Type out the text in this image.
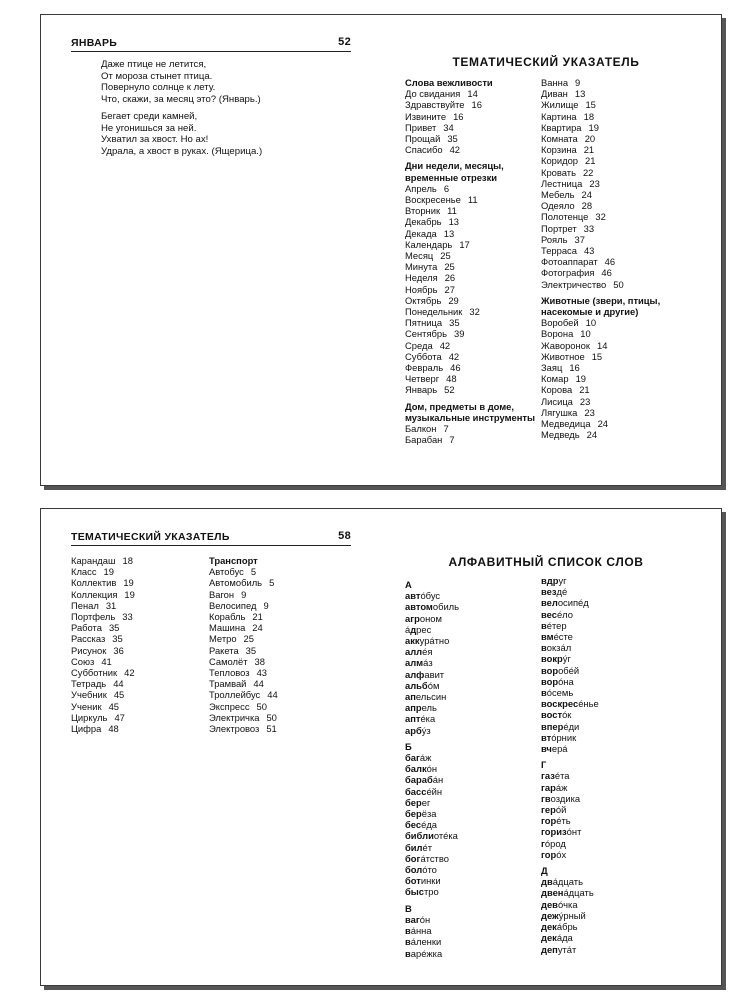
ЯНВАРЬ	52

Даже птице не летится,
От мороза стынет птица.
Повернуло солнце к лету.
Что, скажи, за месяц это? (Январь.)

Бегает среди камней,
Не угонишься за ней.
Ухватил за хвост. Но ах!
Удрала, а хвост в руках. (Ящерица.)

ТЕМАТИЧЕСКИЙ УКАЗАТЕЛЬ
Слова вежливости
До свидания 14
Здравствуйте 16
Извините 16
Привет 34
Прощай 35
Спасибо 42
Дни недели, месяцы, временные отрезки
Апрель 6
Воскресенье 11
Вторник 11
Декабрь 13
Декада 13
Календарь 17
Месяц 25
Минута 25
Неделя 26
Ноябрь 27
Октябрь 29
Понедельник 32
Пятница 35
Сентябрь 39
Среда 42
Суббота 42
Февраль 46
Четверг 48
Январь 52
Дом, предметы в доме, музыкальные инструменты
Балкон 7
Барабан 7
Ванна 9
Диван 13
Жилище 15
Картина 18
Квартира 19
Комната 20
Корзина 21
Коридор 21
Кровать 22
Лестница 23
Мебель 24
Одеяло 28
Полотенце 32
Портрет 33
Рояль 37
Терраса 43
Фотоаппарат 46
Фотография 46
Электричество 50
Животные (звери, птицы, насекомые и другие)
Воробей 10
Ворона 10
Жаворонок 14
Животное 15
Заяц 16
Комар 19
Корова 21
Лисица 23
Лягушка 23
Медведица 24
Медведь 24
ТЕМАТИЧЕСКИЙ УКАЗАТЕЛЬ	58
Карандаш 18
Класс 19
Коллектив 19
Коллекция 19
Пенал 31
Портфель 33
Работа 35
Рассказ 35
Рисунок 36
Союз 41
Субботник 42
Тетрадь 44
Учебник 45
Ученик 45
Циркуль 47
Цифра 48
Транспорт
Автобус 5
Автомобиль 5
Вагон 9
Велосипед 9
Корабль 21
Машина 24
Метро 25
Ракета 35
Самолёт 38
Тепловоз 43
Трамвай 44
Троллейбус 44
Экспресс 50
Электричка 50
Электровоз 51
АЛФАВИТНЫЙ СПИСОК СЛОВ
А
автóбус
автомобиль
агроном
áдрес
аккурáтно
аллéя
алмáз
алфавит
альбóм
апельсин
апрель
аптéка
арбýз
Б
багáж
балкóн
барабáн
бассéйн
берег
берёза
бесéда
библиотéка
билéт
богáтство
болóто
ботинки
быстро
В
вагóн
вáнна
вáленки
варéжка
вдруг
вездé
велосипéд
весéло
вéтер
вмéсте
вокзáл
вокрýг
воробéй
ворóна
вóсемь
воскресéнье
востóк
вперéди
втóрник
вчерá
Г
газéта
гарáж
гвоздика
герóй
горéть
горизóнт
гóрод
горóх
Д
двáдцать
двенáдцать
девóчка
дежýрный
декáбрь
декáда
депутáт
